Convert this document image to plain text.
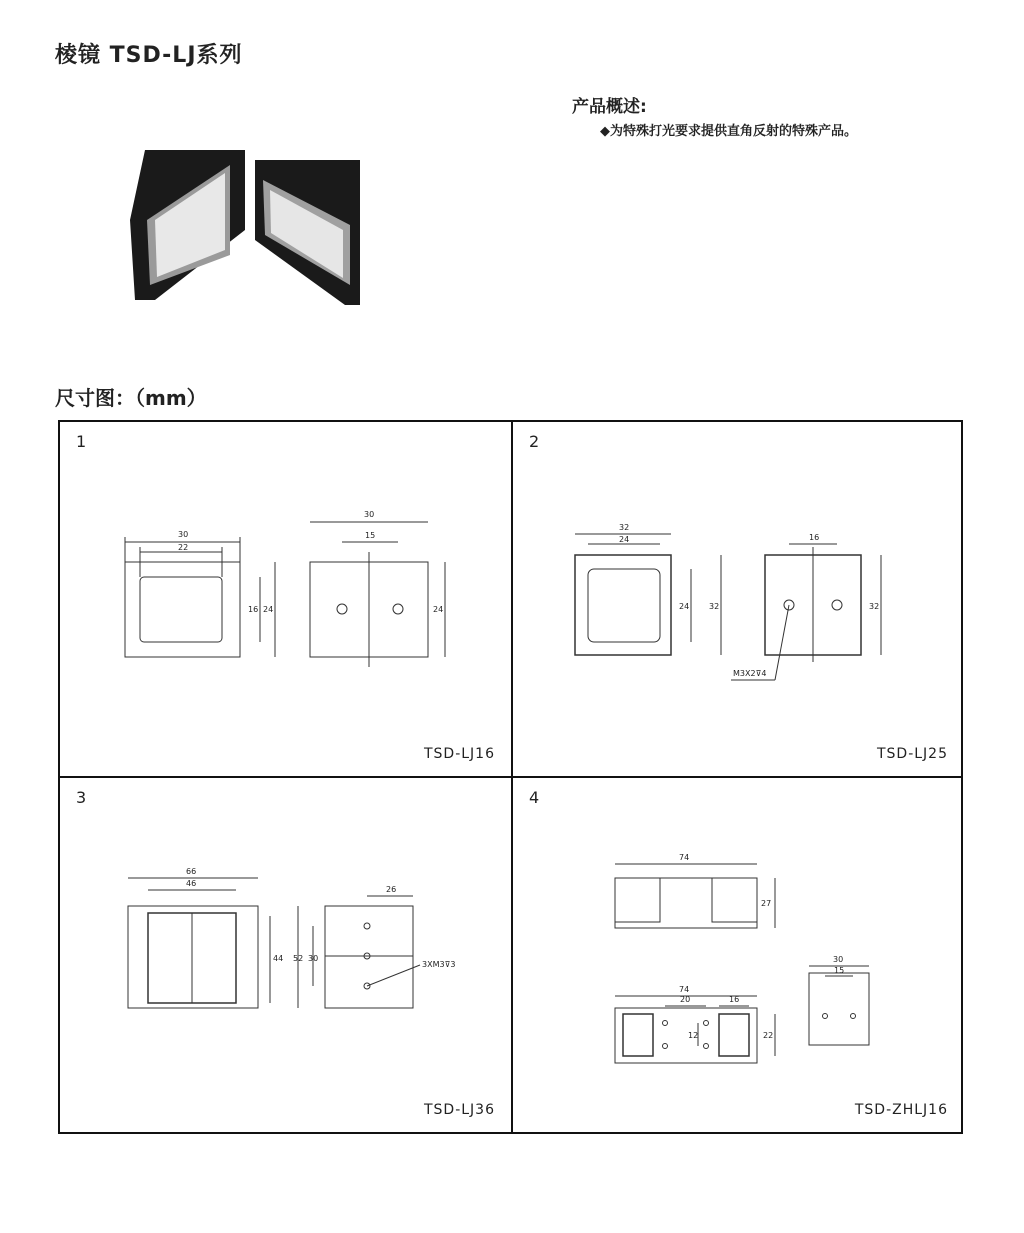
棱镜 TSD-LJ系列
产品概述:
◆为特殊打光要求提供直角反射的特殊产品。
尺寸图：（mm）
1
30
22
16 24
30
15
24
TSD-LJ16
2
32
24
24 32
16
32
M3X2⊽4
TSD-LJ25
3
66
46
44
26
52 30
3XM3⊽3
TSD-LJ36
4
74
27
74
20	16
12	22
30
15
TSD-ZHLJ16
